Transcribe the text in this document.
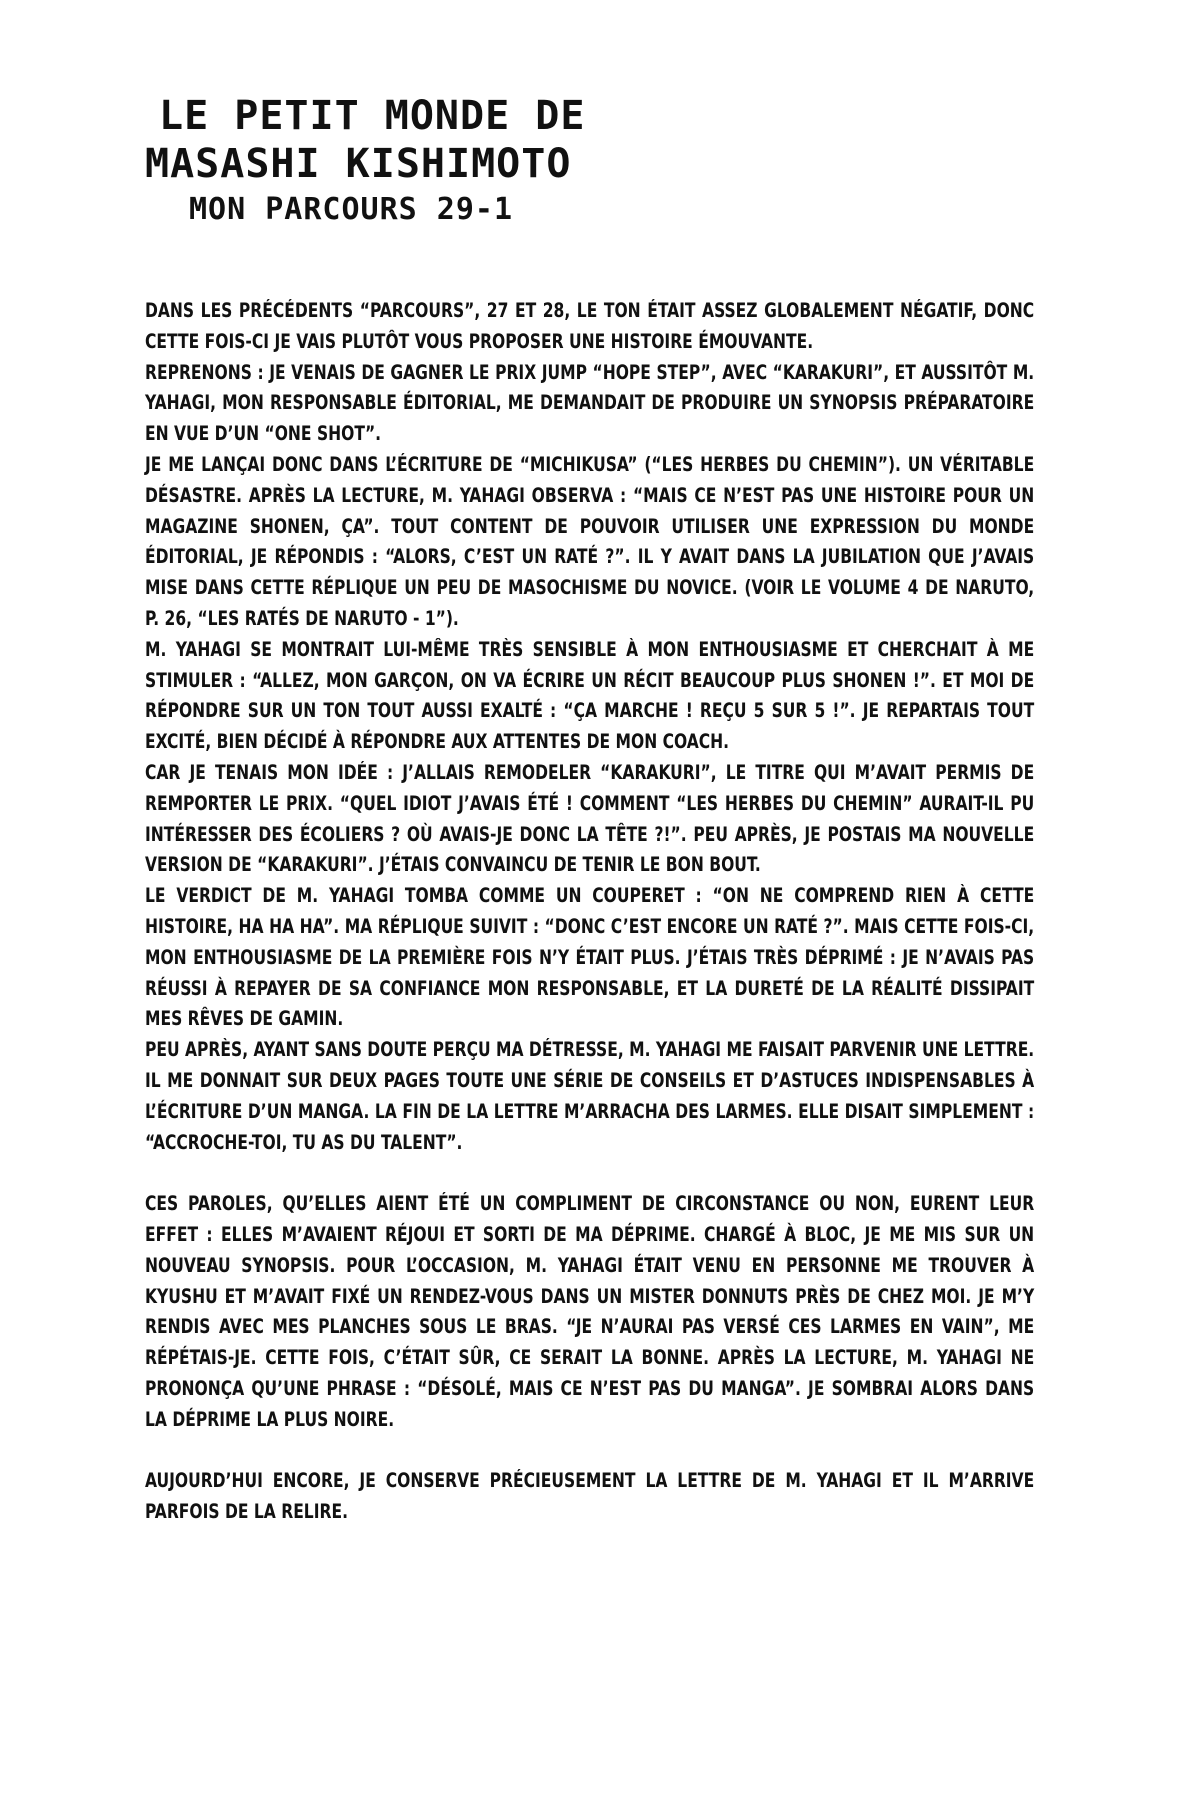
LE PETIT MONDE DE
MASASHI KISHIMOTO
MON PARCOURS 29-1

DANS LES PRÉCÉDENTS “PARCOURS”, 27 ET 28, LE TON ÉTAIT ASSEZ GLOBALEMENT NÉGATIF, DONC CETTE FOIS-CI JE VAIS PLUTÔT VOUS PROPOSER UNE HISTOIRE ÉMOUVANTE.

REPRENONS : JE VENAIS DE GAGNER LE PRIX JUMP “HOPE STEP”, AVEC “KARAKURI”, ET AUSSITÔT M. YAHAGI, MON RESPONSABLE ÉDITORIAL, ME DEMANDAIT DE PRODUIRE UN SYNOPSIS PRÉPARATOIRE EN VUE D’UN “ONE SHOT”.

JE ME LANÇAI DONC DANS L’ÉCRITURE DE “MICHIKUSA” (“LES HERBES DU CHEMIN”). UN VÉRITABLE DÉSASTRE. APRÈS LA LECTURE, M. YAHAGI OBSERVA : “MAIS CE N’EST PAS UNE HISTOIRE POUR UN MAGAZINE SHONEN, ÇA”. TOUT CONTENT DE POUVOIR UTILISER UNE EXPRESSION DU MONDE ÉDITORIAL, JE RÉPONDIS : “ALORS, C’EST UN RATÉ ?”. IL Y AVAIT DANS LA JUBILATION QUE J’AVAIS MISE DANS CETTE RÉPLIQUE UN PEU DE MASOCHISME DU NOVICE. (VOIR LE VOLUME 4 DE NARUTO, P. 26, “LES RATÉS DE NARUTO - 1”).

M. YAHAGI SE MONTRAIT LUI-MÊME TRÈS SENSIBLE À MON ENTHOUSIASME ET CHERCHAIT À ME STIMULER : “ALLEZ, MON GARÇON, ON VA ÉCRIRE UN RÉCIT BEAUCOUP PLUS SHONEN !”. ET MOI DE RÉPONDRE SUR UN TON TOUT AUSSI EXALTÉ : “ÇA MARCHE ! REÇU 5 SUR 5 !”. JE REPARTAIS TOUT EXCITÉ, BIEN DÉCIDÉ À RÉPONDRE AUX ATTENTES DE MON COACH.

CAR JE TENAIS MON IDÉE : J’ALLAIS REMODELER “KARAKURI”, LE TITRE QUI M’AVAIT PERMIS DE REMPORTER LE PRIX. “QUEL IDIOT J’AVAIS ÉTÉ ! COMMENT “LES HERBES DU CHEMIN” AURAIT-IL PU INTÉRESSER DES ÉCOLIERS ? OÙ AVAIS-JE DONC LA TÊTE ?!”. PEU APRÈS, JE POSTAIS MA NOUVELLE VERSION DE “KARAKURI”. J’ÉTAIS CONVAINCU DE TENIR LE BON BOUT.

LE VERDICT DE M. YAHAGI TOMBA COMME UN COUPERET : “ON NE COMPREND RIEN À CETTE HISTOIRE, HA HA HA”. MA RÉPLIQUE SUIVIT : “DONC C’EST ENCORE UN RATÉ ?”. MAIS CETTE FOIS-CI, MON ENTHOUSIASME DE LA PREMIÈRE FOIS N’Y ÉTAIT PLUS. J’ÉTAIS TRÈS DÉPRIMÉ : JE N’AVAIS PAS RÉUSSI À REPAYER DE SA CONFIANCE MON RESPONSABLE, ET LA DURETÉ DE LA RÉALITÉ DISSIPAIT MES RÊVES DE GAMIN.

PEU APRÈS, AYANT SANS DOUTE PERÇU MA DÉTRESSE, M. YAHAGI ME FAISAIT PARVENIR UNE LETTRE. IL ME DONNAIT SUR DEUX PAGES TOUTE UNE SÉRIE DE CONSEILS ET D’ASTUCES INDISPENSABLES À L’ÉCRITURE D’UN MANGA. LA FIN DE LA LETTRE M’ARRACHA DES LARMES. ELLE DISAIT SIMPLEMENT : “ACCROCHE-TOI, TU AS DU TALENT”.

CES PAROLES, QU’ELLES AIENT ÉTÉ UN COMPLIMENT DE CIRCONSTANCE OU NON, EURENT LEUR EFFET : ELLES M’AVAIENT RÉJOUI ET SORTI DE MA DÉPRIME. CHARGÉ À BLOC, JE ME MIS SUR UN NOUVEAU SYNOPSIS. POUR L’OCCASION, M. YAHAGI ÉTAIT VENU EN PERSONNE ME TROUVER À KYUSHU ET M’AVAIT FIXÉ UN RENDEZ-VOUS DANS UN MISTER DONNUTS PRÈS DE CHEZ MOI. JE M’Y RENDIS AVEC MES PLANCHES SOUS LE BRAS. “JE N’AURAI PAS VERSÉ CES LARMES EN VAIN”, ME RÉPÉTAIS-JE. CETTE FOIS, C’ÉTAIT SÛR, CE SERAIT LA BONNE. APRÈS LA LECTURE, M. YAHAGI NE PRONONÇA QU’UNE PHRASE : “DÉSOLÉ, MAIS CE N’EST PAS DU MANGA”. JE SOMBRAI ALORS DANS LA DÉPRIME LA PLUS NOIRE.

AUJOURD’HUI ENCORE, JE CONSERVE PRÉCIEUSEMENT LA LETTRE DE M. YAHAGI ET IL M’ARRIVE PARFOIS DE LA RELIRE.
